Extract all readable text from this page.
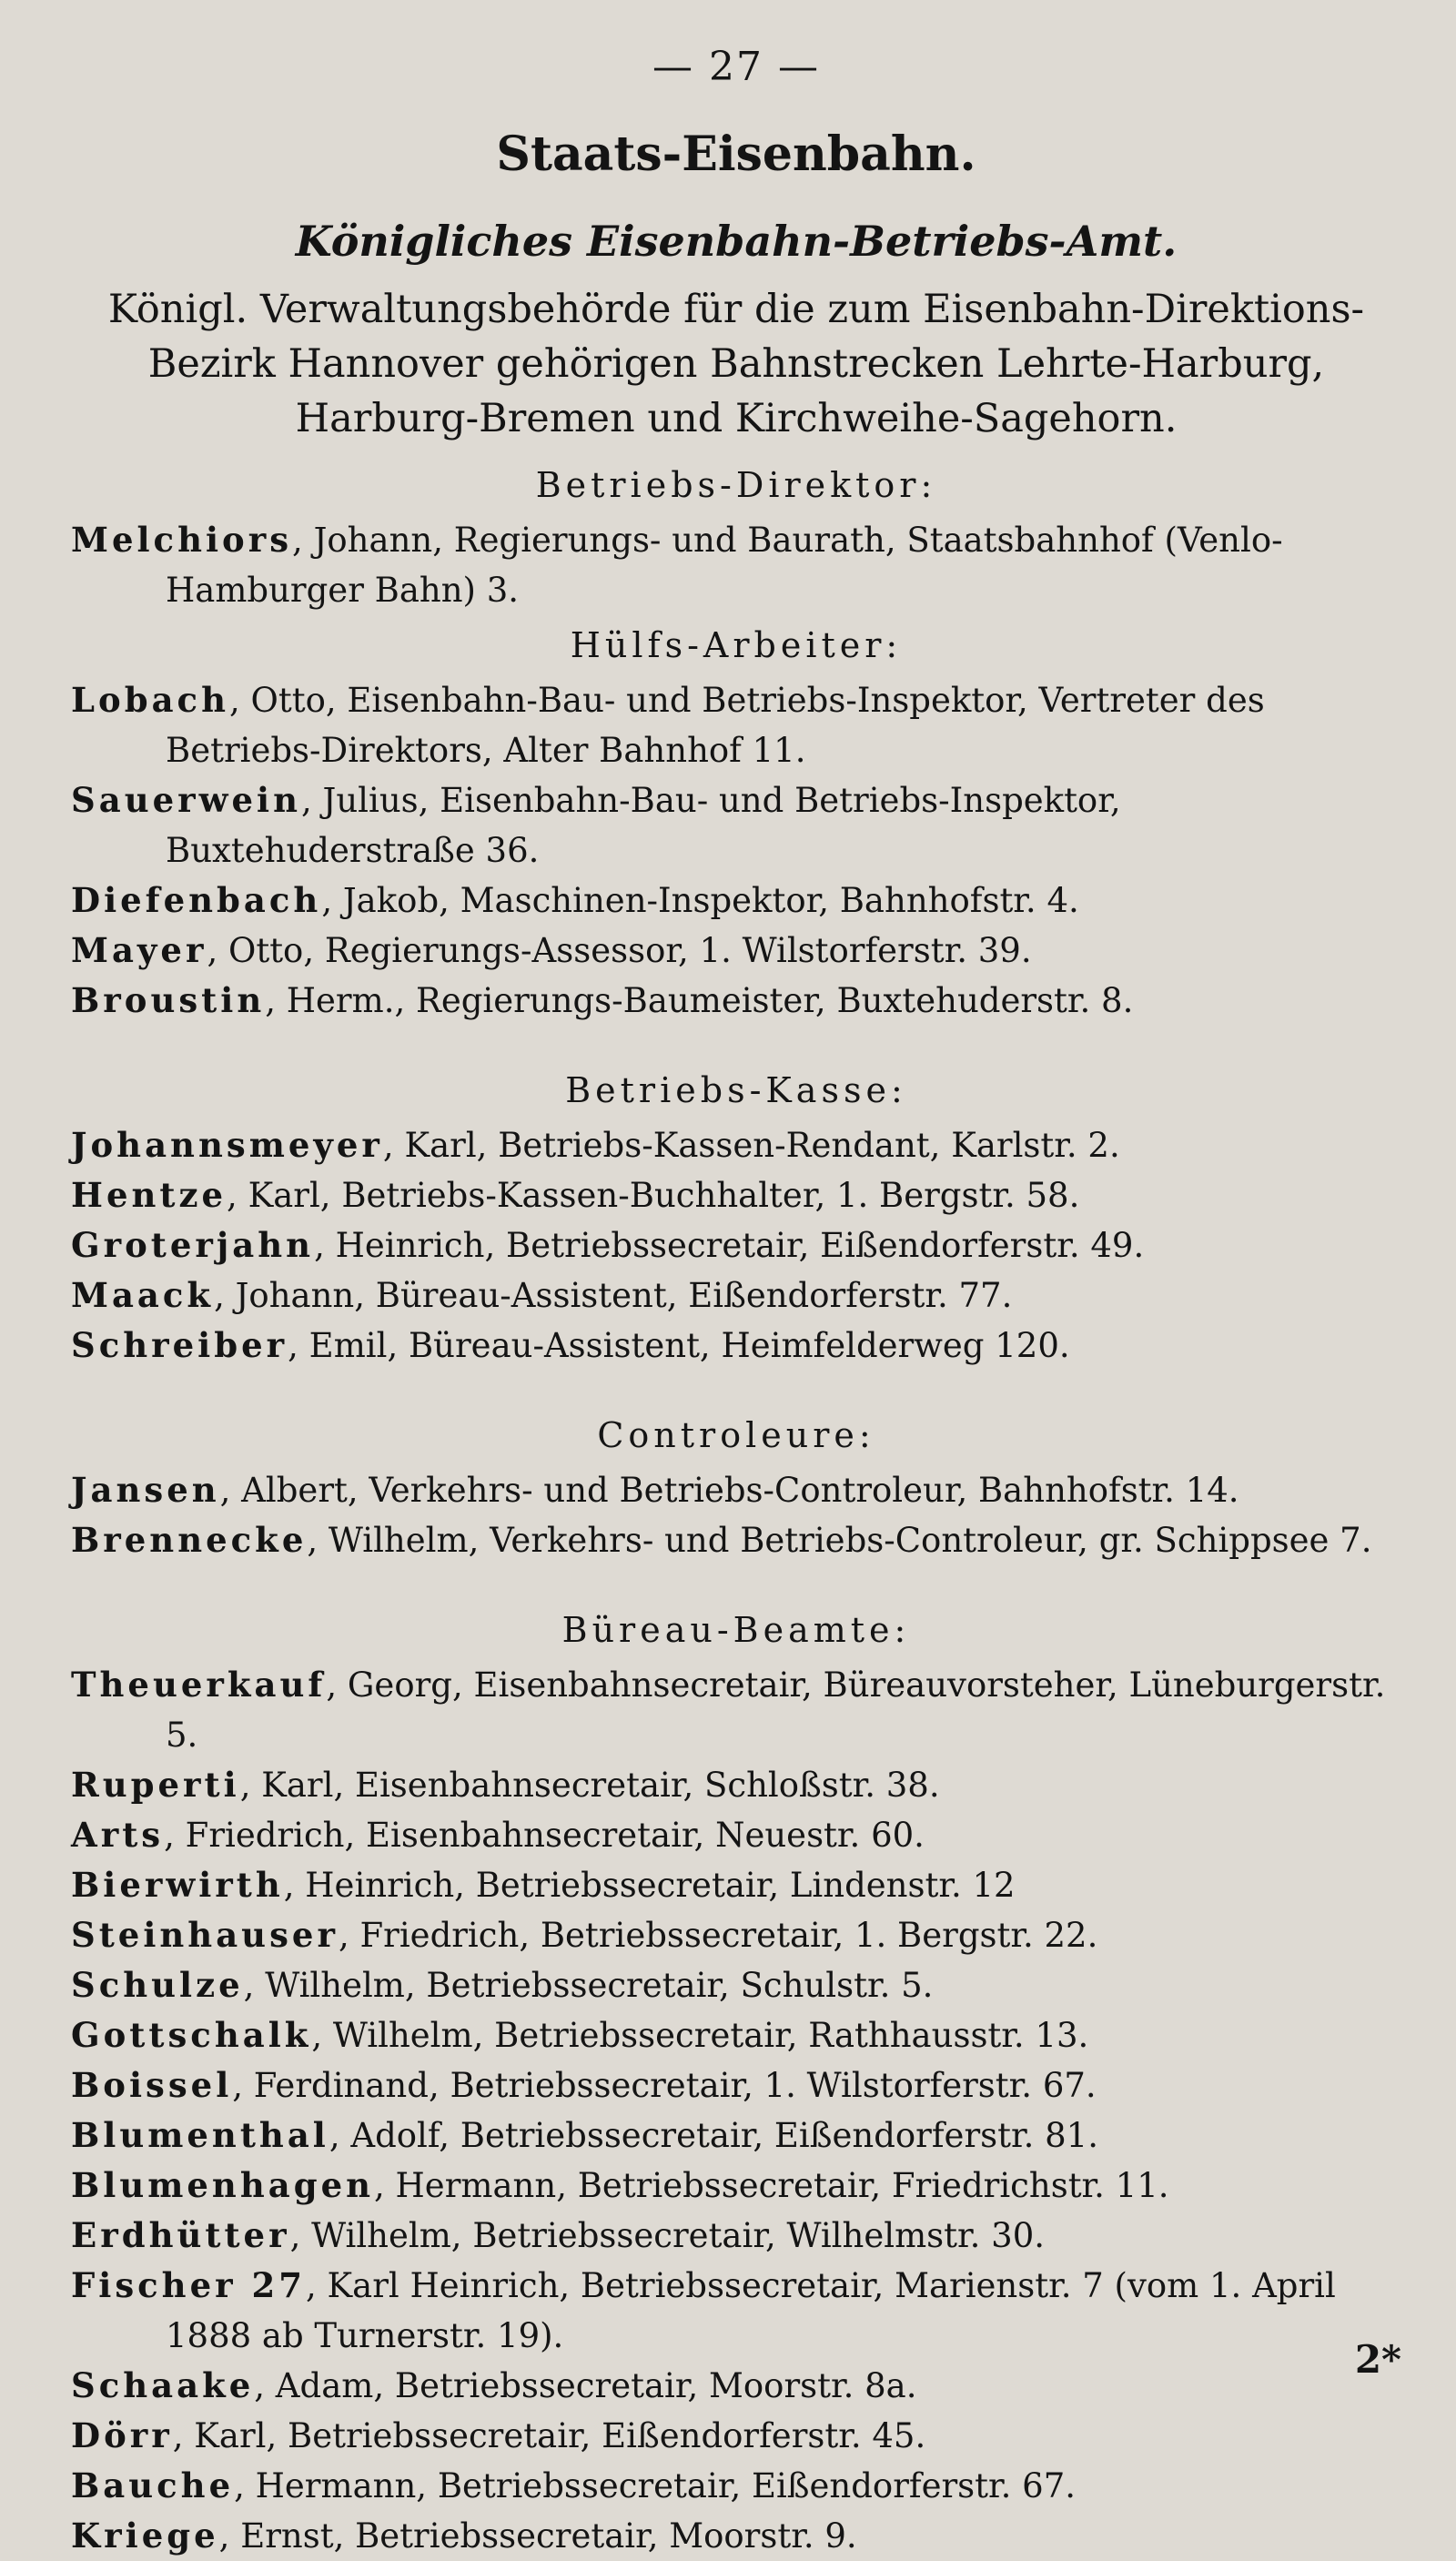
— 27 —
Staats-Eisenbahn.
Königliches Eisenbahn-Betriebs-Amt.
Königl. Verwaltungsbehörde für die zum Eisenbahn-Direktions-
Bezirk Hannover gehörigen Bahnstrecken Lehrte-Harburg,
Harburg-Bremen und Kirchweihe-Sagehorn.
Betriebs-Direktor:
Melchiors, Johann, Regierungs- und Baurath, Staatsbahnhof (Venlo-Hamburger Bahn) 3.
Hülfs-Arbeiter:
Lobach, Otto, Eisenbahn-Bau- und Betriebs-Inspektor, Vertreter des Betriebs-Direktors, Alter Bahnhof 11.
Sauerwein, Julius, Eisenbahn-Bau- und Betriebs-Inspektor, Buxtehuderstraße 36.
Diefenbach, Jakob, Maschinen-Inspektor, Bahnhofstr. 4.
Mayer, Otto, Regierungs-Assessor, 1. Wilstorferstr. 39.
Broustin, Herm., Regierungs-Baumeister, Buxtehuderstr. 8.
Betriebs-Kasse:
Johannsmeyer, Karl, Betriebs-Kassen-Rendant, Karlstr. 2.
Hentze, Karl, Betriebs-Kassen-Buchhalter, 1. Bergstr. 58.
Groterjahn, Heinrich, Betriebssecretair, Eißendorferstr. 49.
Maack, Johann, Büreau-Assistent, Eißendorferstr. 77.
Schreiber, Emil, Büreau-Assistent, Heimfelderweg 120.
Controleure:
Jansen, Albert, Verkehrs- und Betriebs-Controleur, Bahnhofstr. 14.
Brennecke, Wilhelm, Verkehrs- und Betriebs-Controleur, gr. Schippsee 7.
Büreau-Beamte:
Theuerkauf, Georg, Eisenbahnsecretair, Büreauvorsteher, Lüneburgerstr. 5.
Ruperti, Karl, Eisenbahnsecretair, Schloßstr. 38.
Arts, Friedrich, Eisenbahnsecretair, Neuestr. 60.
Bierwirth, Heinrich, Betriebssecretair, Lindenstr. 12
Steinhauser, Friedrich, Betriebssecretair, 1. Bergstr. 22.
Schulze, Wilhelm, Betriebssecretair, Schulstr. 5.
Gottschalk, Wilhelm, Betriebssecretair, Rathhausstr. 13.
Boissel, Ferdinand, Betriebssecretair, 1. Wilstorferstr. 67.
Blumenthal, Adolf, Betriebssecretair, Eißendorferstr. 81.
Blumenhagen, Hermann, Betriebssecretair, Friedrichstr. 11.
Erdhütter, Wilhelm, Betriebssecretair, Wilhelmstr. 30.
Fischer 27, Karl Heinrich, Betriebssecretair, Marienstr. 7 (vom 1. April 1888 ab Turnerstr. 19).
Schaake, Adam, Betriebssecretair, Moorstr. 8a.
Dörr, Karl, Betriebssecretair, Eißendorferstr. 45.
Bauche, Hermann, Betriebssecretair, Eißendorferstr. 67.
Kriege, Ernst, Betriebssecretair, Moorstr. 9.
2*
